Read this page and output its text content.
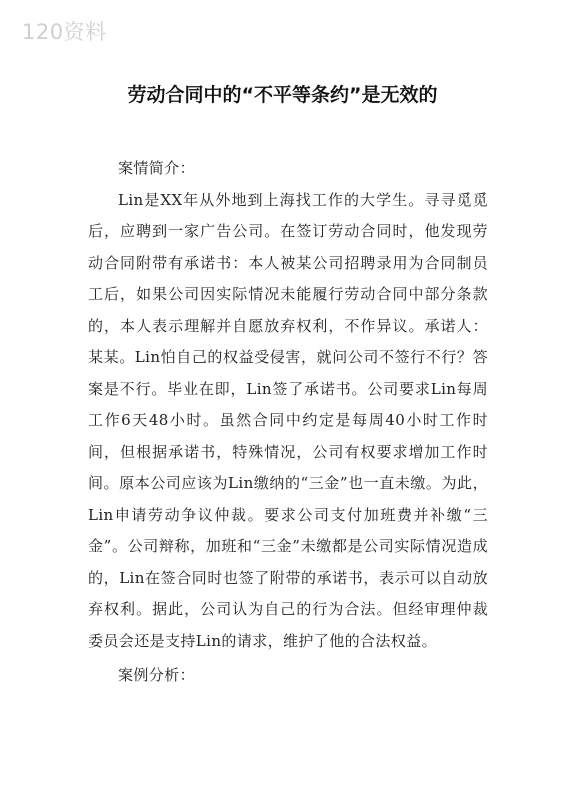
120资料
劳动合同中的“不平等条约”是无效的

案情简介：

Lin是XX年从外地到上海找工作的大学生。寻寻觅觅后，应聘到一家广告公司。在签订劳动合同时，他发现劳动合同附带有承诺书：本人被某公司招聘录用为合同制员工后，如果公司因实际情况未能履行劳动合同中部分条款的，本人表示理解并自愿放弃权利，不作异议。承诺人：某某。Lin怕自己的权益受侵害，就问公司不签行不行？答案是不行。毕业在即，Lin签了承诺书。公司要求Lin每周工作6天48小时。虽然合同中约定是每周40小时工作时间，但根据承诺书，特殊情况，公司有权要求增加工作时间。原本公司应该为Lin缴纳的“三金”也一直未缴。为此，Lin申请劳动争议仲裁。要求公司支付加班费并补缴“三金”。公司辩称，加班和“三金”未缴都是公司实际情况造成的，Lin在签合同时也签了附带的承诺书，表示可以自动放弃权利。据此，公司认为自己的行为合法。但经审理仲裁委员会还是支持Lin的请求，维护了他的合法权益。

案例分析：
